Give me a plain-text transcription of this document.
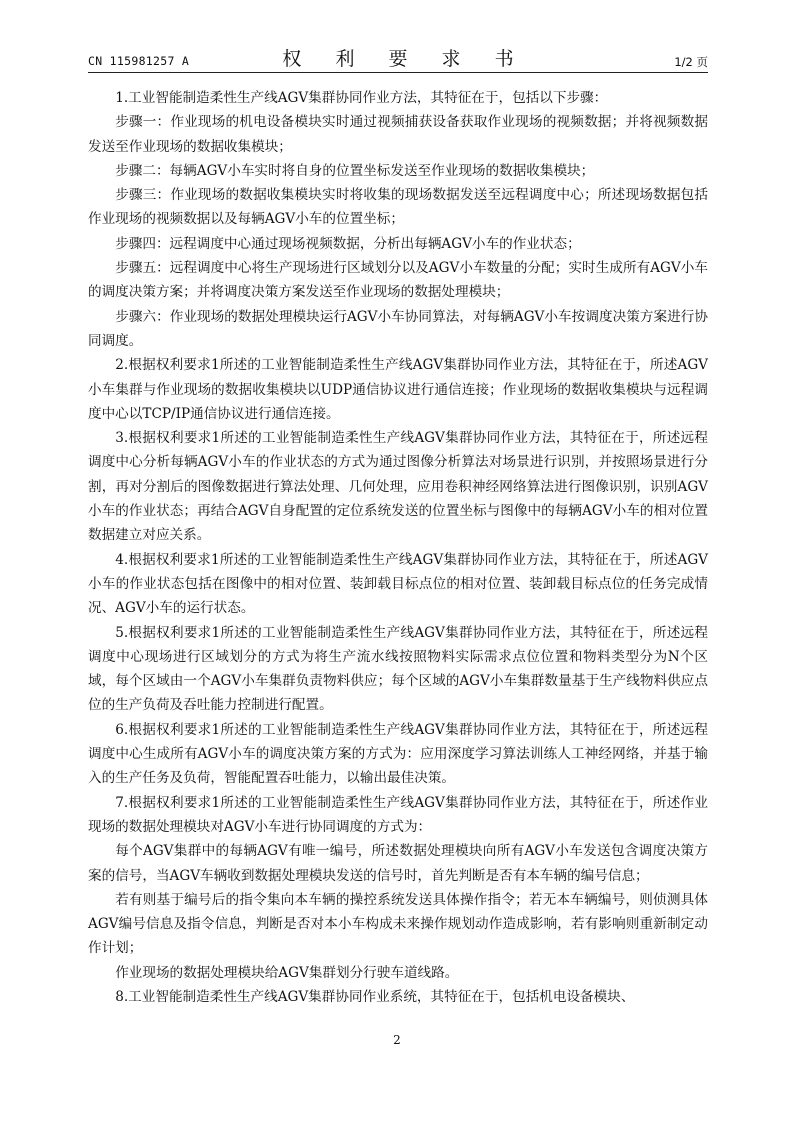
CN 115981257 A	权 利 要 求 书	1/2 页

1.工业智能制造柔性生产线AGV集群协同作业方法，其特征在于，包括以下步骤：

步骤一：作业现场的机电设备模块实时通过视频捕获设备获取作业现场的视频数据；并将视频数据发送至作业现场的数据收集模块；

步骤二：每辆AGV小车实时将自身的位置坐标发送至作业现场的数据收集模块；

步骤三：作业现场的数据收集模块实时将收集的现场数据发送至远程调度中心；所述现场数据包括作业现场的视频数据以及每辆AGV小车的位置坐标；

步骤四：远程调度中心通过现场视频数据，分析出每辆AGV小车的作业状态；

步骤五：远程调度中心将生产现场进行区域划分以及AGV小车数量的分配；实时生成所有AGV小车的调度决策方案；并将调度决策方案发送至作业现场的数据处理模块；

步骤六：作业现场的数据处理模块运行AGV小车协同算法，对每辆AGV小车按调度决策方案进行协同调度。

2.根据权利要求1所述的工业智能制造柔性生产线AGV集群协同作业方法，其特征在于，所述AGV小车集群与作业现场的数据收集模块以UDP通信协议进行通信连接；作业现场的数据收集模块与远程调度中心以TCP/IP通信协议进行通信连接。

3.根据权利要求1所述的工业智能制造柔性生产线AGV集群协同作业方法，其特征在于，所述远程调度中心分析每辆AGV小车的作业状态的方式为通过图像分析算法对场景进行识别，并按照场景进行分割，再对分割后的图像数据进行算法处理、几何处理，应用卷积神经网络算法进行图像识别，识别AGV小车的作业状态；再结合AGV自身配置的定位系统发送的位置坐标与图像中的每辆AGV小车的相对位置数据建立对应关系。

4.根据权利要求1所述的工业智能制造柔性生产线AGV集群协同作业方法，其特征在于，所述AGV小车的作业状态包括在图像中的相对位置、装卸载目标点位的相对位置、装卸载目标点位的任务完成情况、AGV小车的运行状态。

5.根据权利要求1所述的工业智能制造柔性生产线AGV集群协同作业方法，其特征在于，所述远程调度中心现场进行区域划分的方式为将生产流水线按照物料实际需求点位位置和物料类型分为N个区域，每个区域由一个AGV小车集群负责物料供应；每个区域的AGV小车集群数量基于生产线物料供应点位的生产负荷及吞吐能力控制进行配置。

6.根据权利要求1所述的工业智能制造柔性生产线AGV集群协同作业方法，其特征在于，所述远程调度中心生成所有AGV小车的调度决策方案的方式为：应用深度学习算法训练人工神经网络，并基于输入的生产任务及负荷，智能配置吞吐能力，以输出最佳决策。

7.根据权利要求1所述的工业智能制造柔性生产线AGV集群协同作业方法，其特征在于，所述作业现场的数据处理模块对AGV小车进行协同调度的方式为：

每个AGV集群中的每辆AGV有唯一编号，所述数据处理模块向所有AGV小车发送包含调度决策方案的信号，当AGV车辆收到数据处理模块发送的信号时，首先判断是否有本车辆的编号信息；

若有则基于编号后的指令集向本车辆的操控系统发送具体操作指令；若无本车辆编号，则侦测具体AGV编号信息及指令信息，判断是否对本小车构成未来操作规划动作造成影响，若有影响则重新制定动作计划；

作业现场的数据处理模块给AGV集群划分行驶车道线路。

8.工业智能制造柔性生产线AGV集群协同作业系统，其特征在于，包括机电设备模块、

2
